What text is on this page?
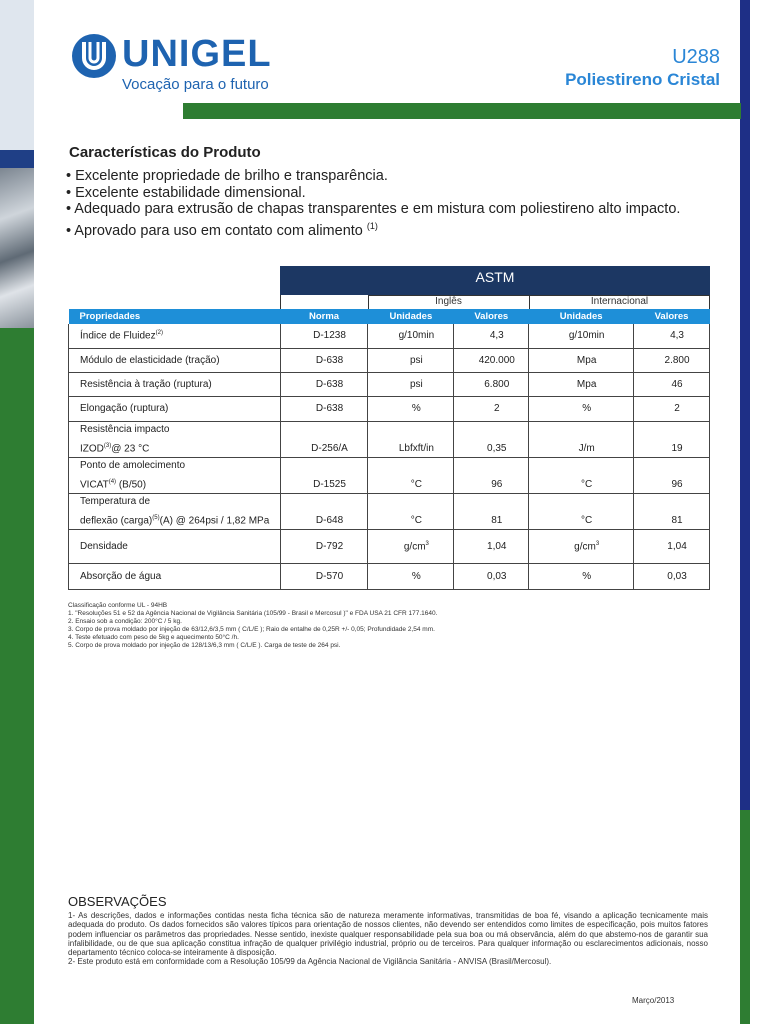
UNIGEL
Vocação para o futuro
U288
Poliestireno Cristal
Características do Produto
• Excelente propriedade de brilho e transparência.
• Excelente estabilidade dimensional.
• Adequado para extrusão de chapas transparentes e em mistura com poliestireno alto impacto.
• Aprovado para uso em contato com alimento $^{(1)}$
ASTM
Inglês	Internacional
Propriedades	Norma	Unidades	Valores	Unidades	Valores
Índice de Fluidez$^{(2)}$	D-1238	g/10min	4,3	g/10min	4,3
Módulo de elasticidade (tração)	D-638	psi	420.000	Mpa	2.800
Resistência à tração (ruptura)	D-638	psi	6.800	Mpa	46
Elongação (ruptura)	D-638	%	2	%	2

Resistência impacto
IZOD$^{(3)}$@ 23 °C	D-256/A	Lbfxft/in	0,35	J/m	19

Ponto de amolecimento
VICAT$^{(4)}$ (B/50)	D-1525	°C	96	°C	96

Temperatura de
deflexão (carga)$^{(5)}$(A) @ 264psi / 1,82 MPa	D-648	°C	81	°C	81
Densidade	D-792	$g/cm^3$	1,04	$g/cm^3$	1,04
Absorção de água	D-570	%	0,03	%	0,03
Classificação conforme UL - 94HB
1. "Resoluções 51 e 52 da Agência Nacional de Vigilância Sanitária (105/99 - Brasil e Mercosul )" e FDA USA 21 CFR 177.1640.
2. Ensaio sob a condição: 200°C / 5 kg.
3. Corpo de prova moldado por injeção de 63/12,6/3,5 mm ( C/L/E ); Raio de entalhe de 0,25R +/- 0,05; Profundidade 2,54 mm.
4. Teste efetuado com peso de 5kg e aquecimento 50°C /h.
5. Corpo de prova moldado por injeção de 128/13/6,3 mm ( C/L/E ). Carga de teste de 264 psi.
OBSERVAÇÕES
1- As descrições, dados e informações contidas nesta ficha técnica são de natureza meramente informativas, transmitidas de boa fé, visando a aplicação tecnicamente mais adequada do produto. Os dados fornecidos são valores típicos para orientação de nossos clientes, não devendo ser entendidos como limites de especificação, pois muitos fatores podem influenciar os parâmetros das propriedades. Nesse sentido, inexiste qualquer responsabilidade pela sua boa ou má observância, além do que abstemo-nos de garantir sua infalibilidade, ou de que sua aplicação constitua infração de qualquer privilégio industrial, próprio ou de terceiros. Para qualquer informação ou esclarecimentos adicionais, nosso departamento técnico coloca-se inteiramente à disposição.
2- Este produto está em conformidade com a Resolução 105/99 da Agência Nacional de Vigilância Sanitária - ANVISA (Brasil/Mercosul).
Março/2013
